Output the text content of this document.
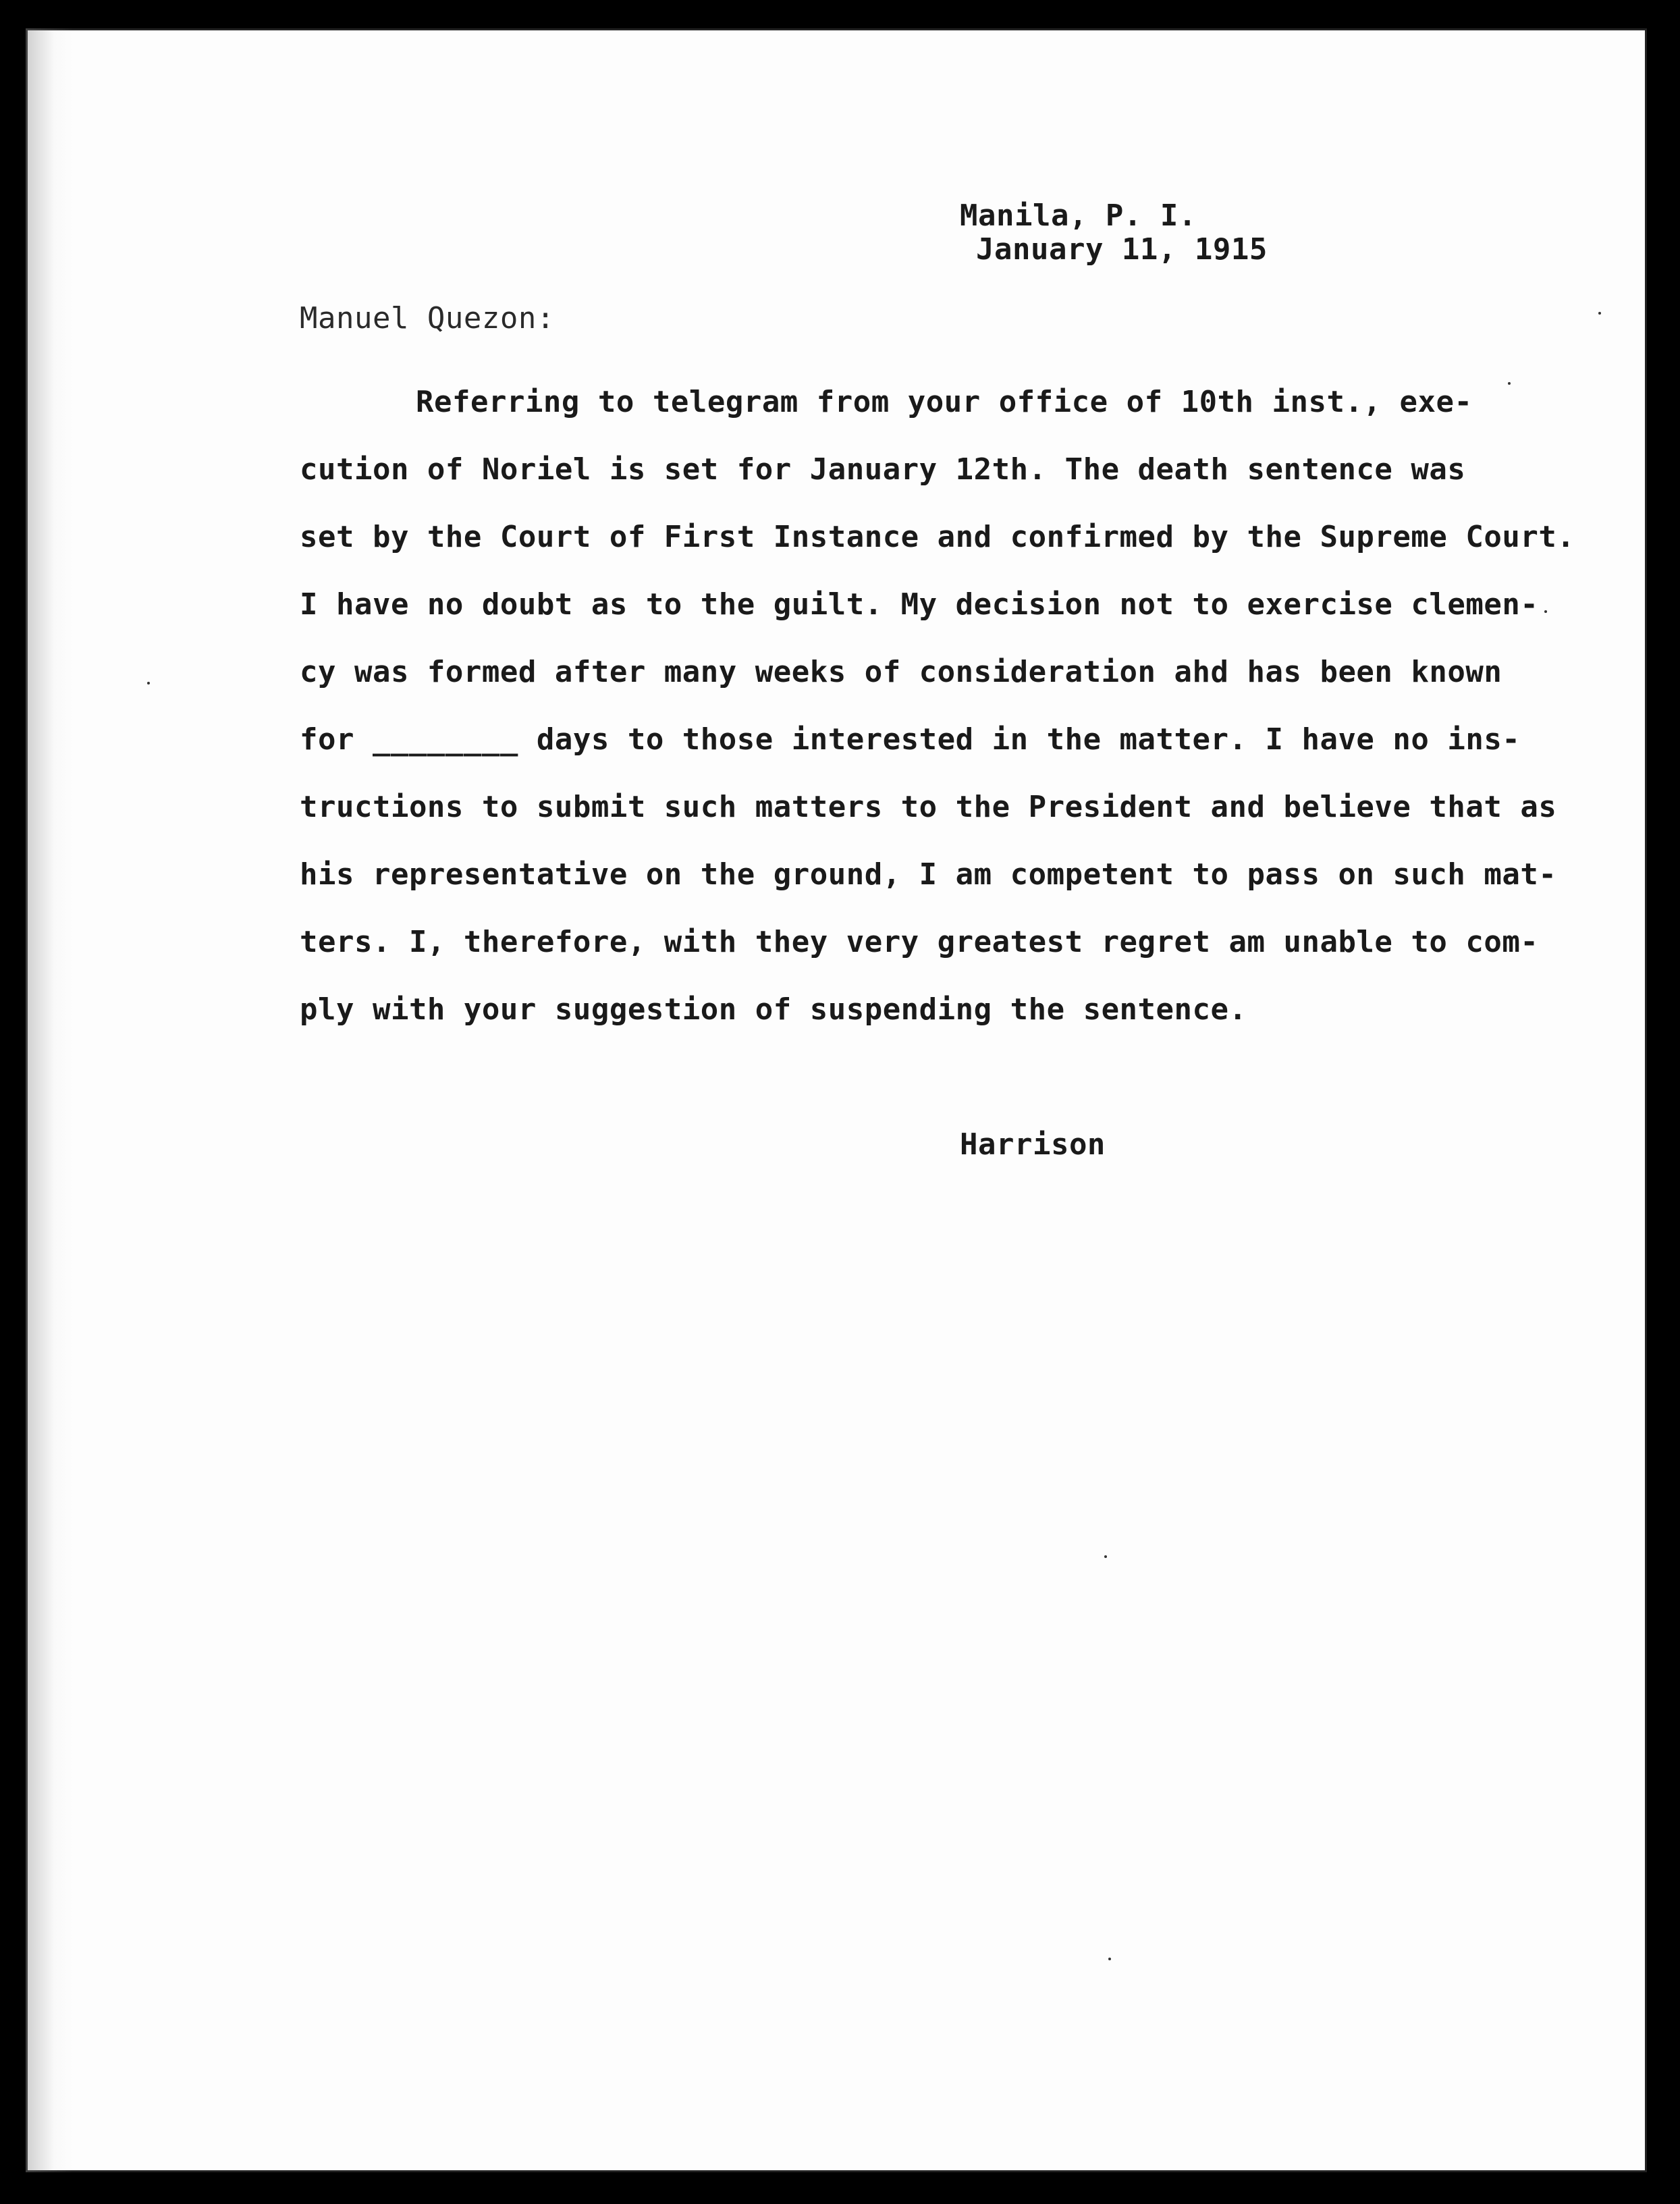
Manila, P. I.
January 11, 1915
Manuel Quezon:
Referring to telegram from your office of 10th inst., exe-
cution of Noriel is set for January 12th. The death sentence was
set by the Court of First Instance and confirmed by the Supreme Court.
I have no doubt as to the guilt. My decision not to exercise clemen-
cy was formed after many weeks of consideration ahd has been known
for ________ days to those interested in the matter. I have no ins-
tructions to submit such matters to the President and believe that as
his representative on the ground, I am competent to pass on such mat-
ters. I, therefore, with they very greatest regret am unable to com-
ply with your suggestion of suspending the sentence.
Harrison
